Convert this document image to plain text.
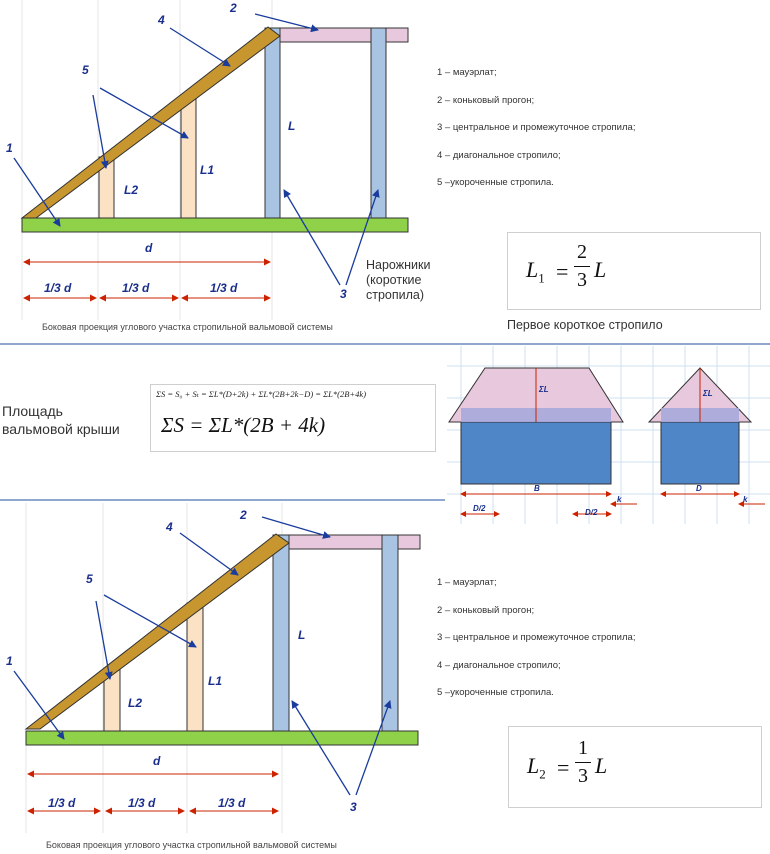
1
2
3
4
5
L
L1
L2
d
1/3 d	1/3 d	1/3 d
1 – мауэрлат;
2 – коньковый прогон;
3 – центральное и промежуточное стропила;
4 – диагональное стропило;
5 –укороченные стропила.
Нарожники
(короткие
стропила)
Боковая проекция углового участка стропильной вальмовой системы
$L_1$ =
2
3 L
Первое короткое стропило
Площадь
вальмовой крыши
ΣS = S₀ + Sₜ = ΣL*(D+2k) + ΣL*(2B+2k−D) = ΣL*(2B+4k)
ΣS = ΣL*(2B + 4k)
ΣL
B
D/2	D/2
k
ΣL
D
k
1
2
3
4
5
L
L1
L2
d
1/3 d	1/3 d	1/3 d
1 – мауэрлат;
2 – коньковый прогон;
3 – центральное и промежуточное стропила;
4 – диагональное стропило;
5 –укороченные стропила.
$L_2$ =
1
3 L
Боковая проекция углового участка стропильной вальмовой системы
